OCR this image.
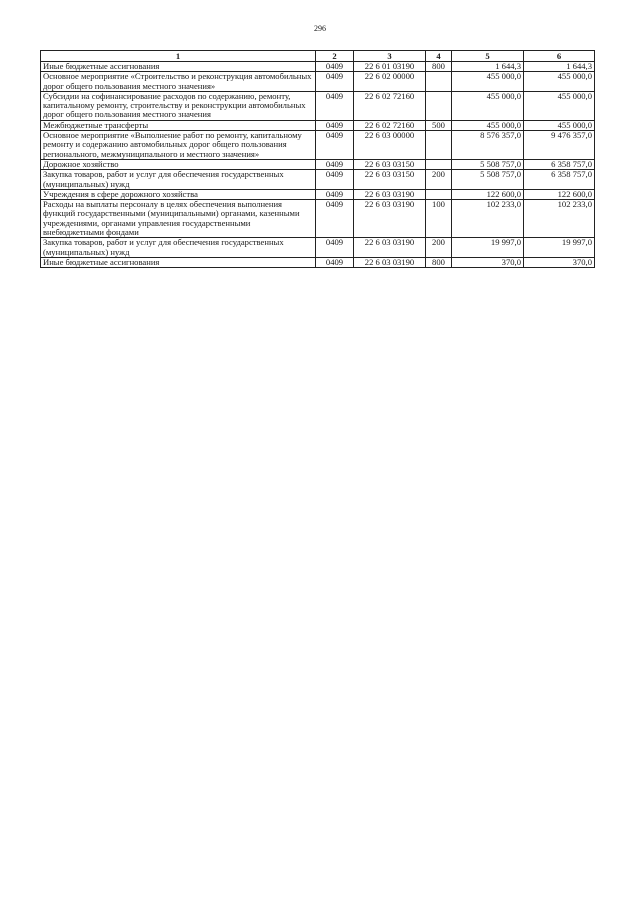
296
1	2	3	4	5	6
Иные бюджетные ассигнования	0409	22 6 01 03190	800	1 644,3	1 644,3
Основное мероприятие «Строительство и реконструкция автомобильных дорог общего пользования местного значения»	0409	22 6 02 00000		455 000,0	455 000,0
Субсидии на софинансирование расходов по содержанию, ремонту, капитальному ремонту, строительству и реконструкции автомобильных дорог общего пользования местного значения	0409	22 6 02 72160		455 000,0	455 000,0
Межбюджетные трансферты	0409	22 6 02 72160	500	455 000,0	455 000,0
Основное мероприятие «Выполнение работ по ремонту, капитальному ремонту и содержанию автомобильных дорог общего пользования регионального, межмуниципального и местного значения»	0409	22 6 03 00000		8 576 357,0	9 476 357,0
Дорожное хозяйство	0409	22 6 03 03150		5 508 757,0	6 358 757,0
Закупка товаров, работ и услуг для обеспечения государственных (муниципальных) нужд	0409	22 6 03 03150	200	5 508 757,0	6 358 757,0
Учреждения в сфере дорожного хозяйства	0409	22 6 03 03190		122 600,0	122 600,0
Расходы на выплаты персоналу в целях обеспечения выполнения функций государственными (муниципальными) органами, казенными учреждениями, органами управления государственными внебюджетными фондами	0409	22 6 03 03190	100	102 233,0	102 233,0
Закупка товаров, работ и услуг для обеспечения государственных (муниципальных) нужд	0409	22 6 03 03190	200	19 997,0	19 997,0
Иные бюджетные ассигнования	0409	22 6 03 03190	800	370,0	370,0
